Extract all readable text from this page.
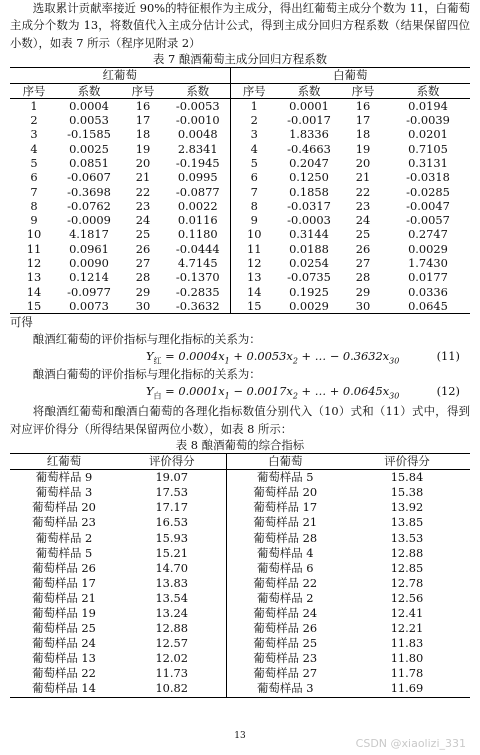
选取累计贡献率接近 90%的特征根作为主成分，得出红葡萄主成分个数为 11，白葡萄主成分个数为 13，将数值代入主成分估计公式，得到主成分回归方程系数（结果保留四位小数），如表 7 所示（程序见附录 2）

表 7 酿酒葡萄主成分回归方程系数
红葡萄				白葡萄			
序号	系数	序号	系数	序号	系数	序号	系数
1	0.0004	16	-0.0053	1	0.0001	16	0.0194
2	0.0053	17	-0.0010	2	-0.0017	17	-0.0039
3	-0.1585	18	0.0048	3	1.8336	18	0.0201
4	0.0025	19	2.8341	4	-0.4663	19	0.7105
5	0.0851	20	-0.1945	5	0.2047	20	0.3131
6	-0.0607	21	0.0995	6	0.1250	21	-0.0318
7	-0.3698	22	-0.0877	7	0.1858	22	-0.0285
8	-0.0762	23	0.0022	8	-0.0317	23	-0.0047
9	-0.0009	24	0.0116	9	-0.0003	24	-0.0057
10	4.1817	25	0.1180	10	0.3144	25	0.2747
11	0.0961	26	-0.0444	11	0.0188	26	0.0029
12	0.0090	27	4.7145	12	0.0254	27	1.7430
13	0.1214	28	-0.1370	13	-0.0735	28	0.0177
14	-0.0977	29	-0.2835	14	0.1925	29	0.0336
15	0.0073	30	-0.3632	15	0.0029	30	0.0645
可得
酿酒红葡萄的评价指标与理化指标的关系为：
$Y_红 = 0.0004x_1 + 0.0053x_2$ + … − $0.3632x_{30}$	(11)
酿酒白葡萄的评价指标与理化指标的关系为：
$Y_白 = 0.0001x_1 - 0.0017x_2$ + … + $0.0645x_{30}$	(12)

将酿酒红葡萄和酿酒白葡萄的各理化指标数值分别代入（10）式和（11）式中，得到对应评价得分（所得结果保留两位小数），如表 8 所示：

表 8 酿酒葡萄的综合指标
红葡萄	评价得分	白葡萄	评价得分
葡萄样品 9	19.07	葡萄样品 5	15.84
葡萄样品 3	17.53	葡萄样品 20	15.38
葡萄样品 20	17.17	葡萄样品 17	13.92
葡萄样品 23	16.53	葡萄样品 21	13.85
葡萄样品 2	15.93	葡萄样品 28	13.53
葡萄样品 5	15.21	葡萄样品 4	12.88
葡萄样品 26	14.70	葡萄样品 6	12.85
葡萄样品 17	13.83	葡萄样品 22	12.78
葡萄样品 21	13.54	葡萄样品 2	12.56
葡萄样品 19	13.24	葡萄样品 24	12.41
葡萄样品 25	12.88	葡萄样品 26	12.21
葡萄样品 24	12.57	葡萄样品 25	11.83
葡萄样品 13	12.02	葡萄样品 23	11.80
葡萄样品 22	11.73	葡萄样品 27	11.78
葡萄样品 14	10.82	葡萄样品 3	11.69
13
CSDN @xiaolizi_331
